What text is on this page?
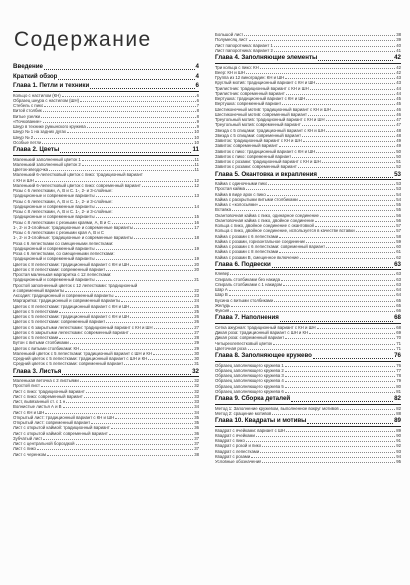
Содержание
Введение	4
Краткий обзор	4
Глава 1. Петли и техники	6
Кольцо с настилом (КН)	6
Образец шнура с настилом (ШН)	6
Стебель с пико	7
Витой столбик	8
Витые узелки	8
«Почкование»	9
Шнур в технике румынского кружева	9
Шнур № 1 на задних дугах	10
Шнур № 2	10
Особые петли	10
Глава 2. Цветы	11
Маленький заполненный цветок 1	11
Маленький заполненный цветок 2	11
Цветок-звездочка	11
Маленький 6-лепестковый цветок с пико: традиционный вариант
с КН и ШН	12
Маленький 6-лепестковый цветок с пико: современный вариант	12
Розы с 6 лепестками, А, В и С. 1-, 2- и 3-слойные:
традиционные и современные варианты	13
Розы с 6 лепестками, А, В и С. 1-, 2- и 3-слойные:
традиционные и современные варианты	14
Розы с 8 лепестками, А, В и С. 1-, 2- и 3-слойные:
традиционные и современные варианты	15
Розы с 8 лепестками с резными краями, А, В и С	16
1-, 2- и 3-слойные: традиционные и современные варианты	17
Розы с 6 лепестками с резными края А, В и С
1-, 2- и 3-слойные: традиционные и современные варианты	18
Роза с 6 лепестками со смещенными лепестками:
традиционный и современный варианты	19
Роза с 6 лепестками, со смещенными лепестками:
традиционный и современный варианты	19
Цветок с 8 лепестками: традиционный вариант с КН и ШН	20
Цветок с 8 лепестками: современный вариант	20
Простая маленькая маргаритка с 12 лепестками:
традиционный и современный варианты	21
Простой заполненный цветок с 12 лепестками: традиционный
и современный варианты	22
Аксодия: традиционный и современный варианты	23
Маргаритка: традиционный и современный варианты	24
Цветок с 8 лепестками: традиционный вариант с КН и ШН	25
Цветок с 5 лепестками	25
Цветок с 5 лепестками: традиционный вариант с КН и ШН	26
Цветок с 5 лепестками: современный вариант	26
Цветок с 6 закрытыми лепестками: традиционный вариант с КН и ШН	27
Цветок с 6 закрытыми лепестками: современный вариант	27
Цветок с 5 лепестками	28
Бутон с витыми столбиками	29
Цветок с витыми столбиками: КН	29
Маленький цветок с 5 лепестками: традиционный вариант с ШН и КН	30
Средний цветок с 5 лепестками: традиционный вариант с ШН и КН	30
Средний цветок с 5 лепестками: современный вариант	31
Глава 3. Листья	32
Маленькая веточка с 2 листьями	32
Простой лист	32
Лист с пико: традиционный вариант	32
Лист с пико: современный вариант	33
Лист, вывязанный ст. с 1 н	33
Волнистые листья А и В	34
Лист с КН и ШН	34
Открытый лист: традиционный вариант с КН и ШН	35
Открытый лист: современный вариант	35
Лист с открытой каймой: традиционный вариант	36
Лист с открытой каймой: современный вариант	36
Зубчатый лист	37
Лист с центральной бороздкой	37
Лист с пико	37
Лист с черенком	38
Большой лист	38
Полумесяц лист	39
Лист папоротника: вариант 1	40
Лист папоротника: вариант 2	41
Глава 4. Заполняющие элементы	42
Три кольца с пико: КН	42
Веер: КН и ШН	42
Группа из 12 виноградин: КН и ШН	43
Круглый мотив: традиционный вариант с КН и ШН	43
Трилистник: традиционный вариант с КН и ШН	44
Трилистник: современный вариант	44
Вертушка: традиционный вариант с КН и ШН	45
Вертушка: современный вариант	45
Шестиконечный мотив: традиционный вариант с КН и ШН	46
Шестиконечный мотив: современный вариант	46
Треугольный мотив: традиционный вариант с КН и ШН	47
Треугольный мотив: современный вариант	47
Звезда с 5 спицами: традиционный вариант с КН и ШН	48
Звезда с 5 спицами: современный вариант	48
Завиток: традиционный вариант с КН и ШН	49
Завиток: современный вариант	49
Завиток с пико: традиционный вариант с КН и ШН	50
Завиток с пико: современный вариант	50
Завиток с розами: традиционный вариант с КН и ШН	51
Завиток с розами: современный вариант	52
Глава 5. Окантовка и вкрапления	53
Кайма с одиночными пико	53
Простая кайма	53
Кайма в виде арок с пико	54
Кайма с раскрытыми витыми столбиками	54
Кайма с «колосьями»	55
Вставка	55
Окантовочная кайма с пико, одинарное соединение	56
Окантовочная кайма с пико, двойное соединение	56
Кольца с пико, двойное соединение с окантовкой	57
Кольца с пико, двойное соединение, используется в качестве вставки	57
Кайма с розами с 6 лепестками	58
Кайма с розами, горизонтальное соединение	59
Кайма с розами с 6 лепестками: современный вариант	60
Кайма с розами с 8 лепестками	61
Кайма с розами В, смещенное включение	62
Глава 6. Подвески	63
Клевер	63
Спираль столбиками без накида	63
Спираль столбиками с 1 накидом	63
Шар А	64
Шар В	64
Бусина с витыми столбиками	65
Желудь	65
Фуксия	66
Глава 7. Наполнения	68
Сетка ажурная: традиционный вариант с КН и ШН	68
Дикая роза: традиционный вариант с ШН и КН	69
Дикая роза: современный вариант	70
Четырехлепестковый цветок	71
Цветочная роза	71
Глава 8. Заполняющее кружево	76
Образец заполняющего кружева 1	76
Образец заполняющего кружева 2	77
Образец заполняющего кружева 3	78
Образец заполняющего кружева 4	79
Образец заполняющего кружева 5	80
Образец заполняющего кружева 6	81
Глава 9. Сборка деталей	82
Метод 1: Заполнение кружевом, выполненное вокруг мотивов	82
Метод 2: сращение мотивов	88
Глава 10. Квадраты и мотивы	89
Квадрат с ячейками: вариант с ШН	89
Квадрат с ячейками	90
Квадрат с пико	91
Квадрат с розой и пико	92
Квадрат с лепестками	93
Квадрат с розами	94
Условные обозначения	95
